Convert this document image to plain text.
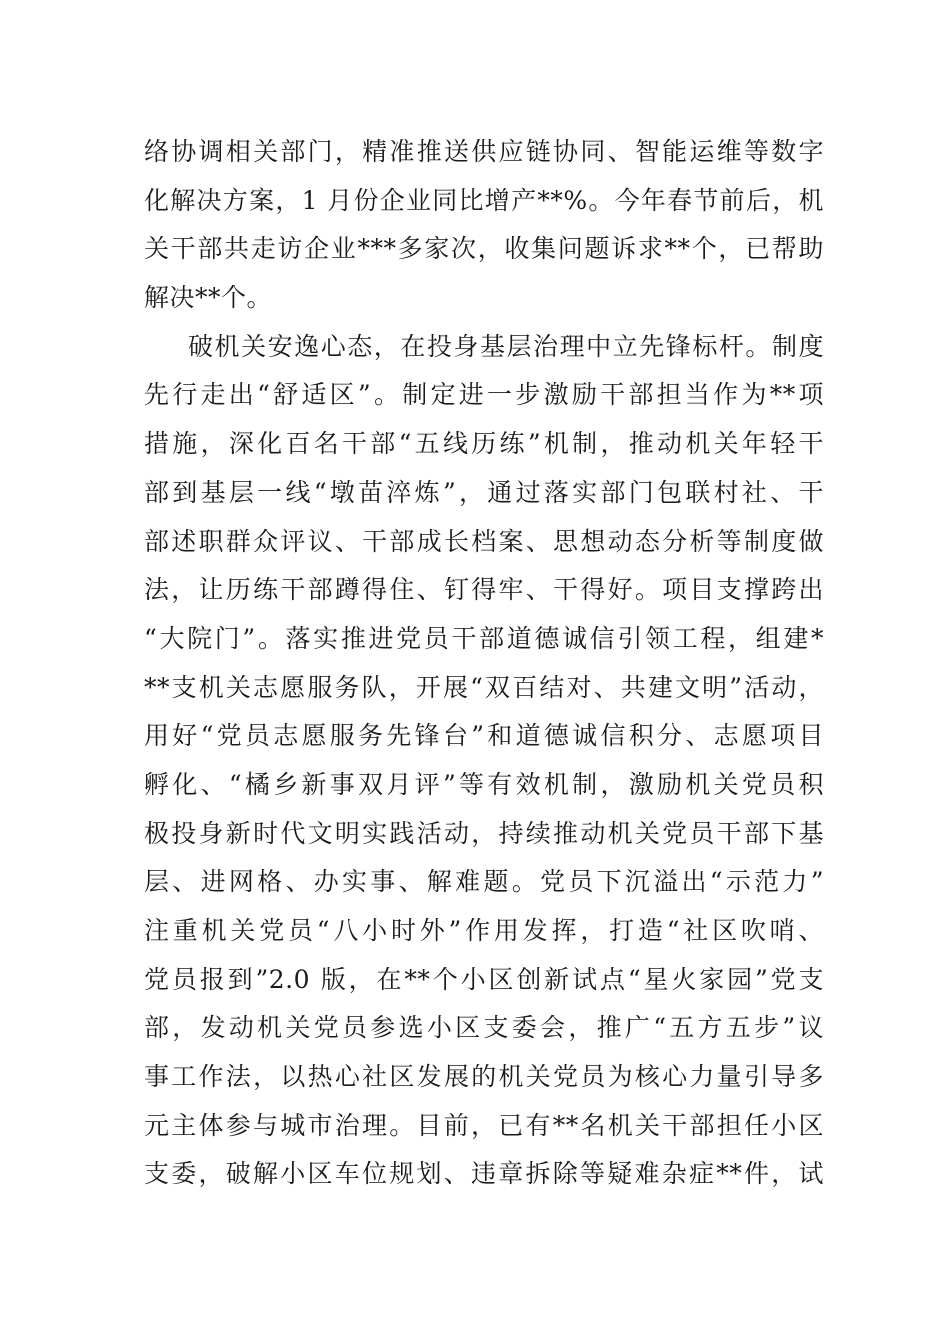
络协调相关部门，精准推送供应链协同、智能运维等数字
化解决方案，1 月份企业同比增产**%。今年春节前后，机
关干部共走访企业***多家次，收集问题诉求**个，已帮助
解决**个。
破机关安逸心态，在投身基层治理中立先锋标杆。制度
先行走出“舒适区”。制定进一步激励干部担当作为**项
措施，深化百名干部“五线历练”机制，推动机关年轻干
部到基层一线“墩苗淬炼”，通过落实部门包联村社、干
部述职群众评议、干部成长档案、思想动态分析等制度做
法，让历练干部蹲得住、钉得牢、干得好。项目支撑跨出
“大院门”。落实推进党员干部道德诚信引领工程，组建*
**支机关志愿服务队，开展“双百结对、共建文明”活动，
用好“党员志愿服务先锋台”和道德诚信积分、志愿项目
孵化、“橘乡新事双月评”等有效机制，激励机关党员积
极投身新时代文明实践活动，持续推动机关党员干部下基
层、进网格、办实事、解难题。党员下沉溢出“示范力”
注重机关党员“八小时外”作用发挥，打造“社区吹哨、
党员报到”2.0 版，在**个小区创新试点“星火家园”党支
部，发动机关党员参选小区支委会，推广“五方五步”议
事工作法，以热心社区发展的机关党员为核心力量引导多
元主体参与城市治理。目前，已有**名机关干部担任小区
支委，破解小区车位规划、违章拆除等疑难杂症**件，试
